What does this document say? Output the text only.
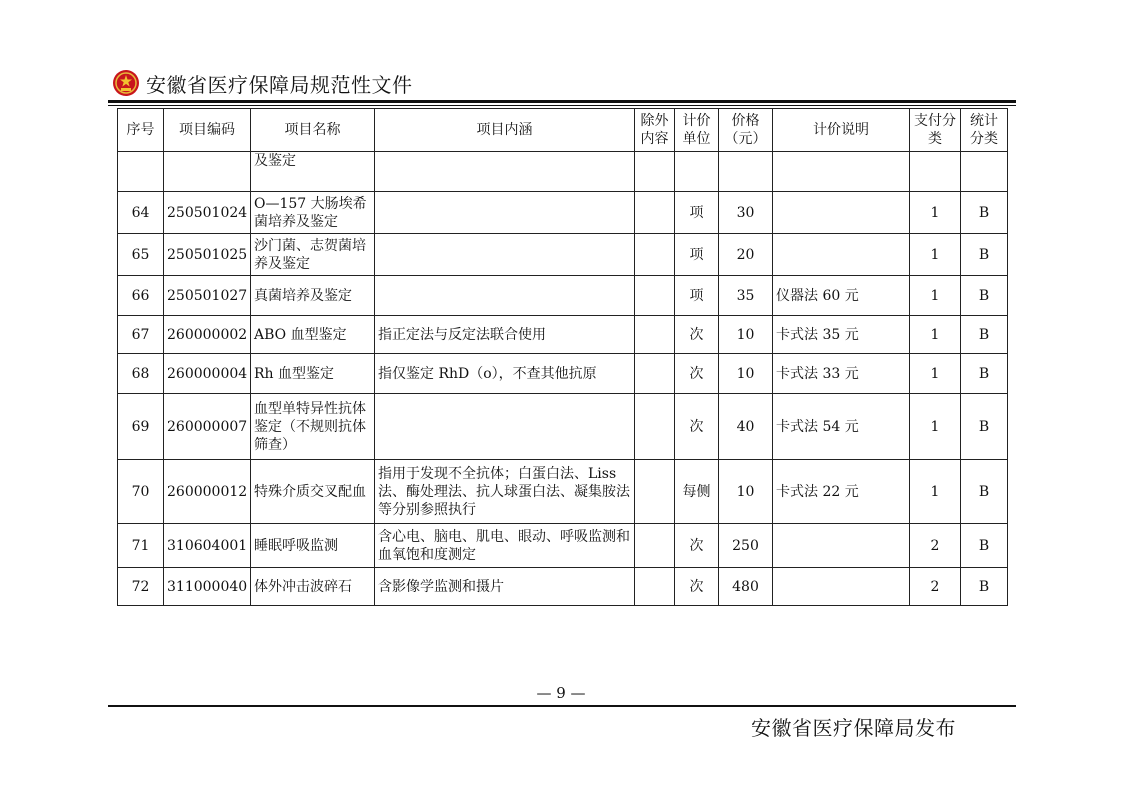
安徽省医疗保障局规范性文件
序号	项目编码	项目名称	项目内涵	除外内容	计价单位	价格（元）	计价说明	支付分类	统计分类
		及鉴定							
64	250501024	O—157 大肠埃希菌培养及鉴定			项	30		1	B
65	250501025	沙门菌、志贺菌培养及鉴定			项	20		1	B
66	250501027	真菌培养及鉴定			项	35	仪器法 60 元	1	B
67	260000002	ABO 血型鉴定	指正定法与反定法联合使用		次	10	卡式法 35 元	1	B
68	260000004	Rh 血型鉴定	指仅鉴定 RhD（o），不查其他抗原		次	10	卡式法 33 元	1	B
69	260000007	血型单特异性抗体鉴定（不规则抗体筛查）			次	40	卡式法 54 元	1	B
70	260000012	特殊介质交叉配血	指用于发现不全抗体；白蛋白法、Liss法、酶处理法、抗人球蛋白法、凝集胺法等分别参照执行		每侧	10	卡式法 22 元	1	B
71	310604001	睡眠呼吸监测	含心电、脑电、肌电、眼动、呼吸监测和血氧饱和度测定		次	250		2	B
72	311000040	体外冲击波碎石	含影像学监测和摄片		次	480		2	B
— 9 —
安徽省医疗保障局发布
